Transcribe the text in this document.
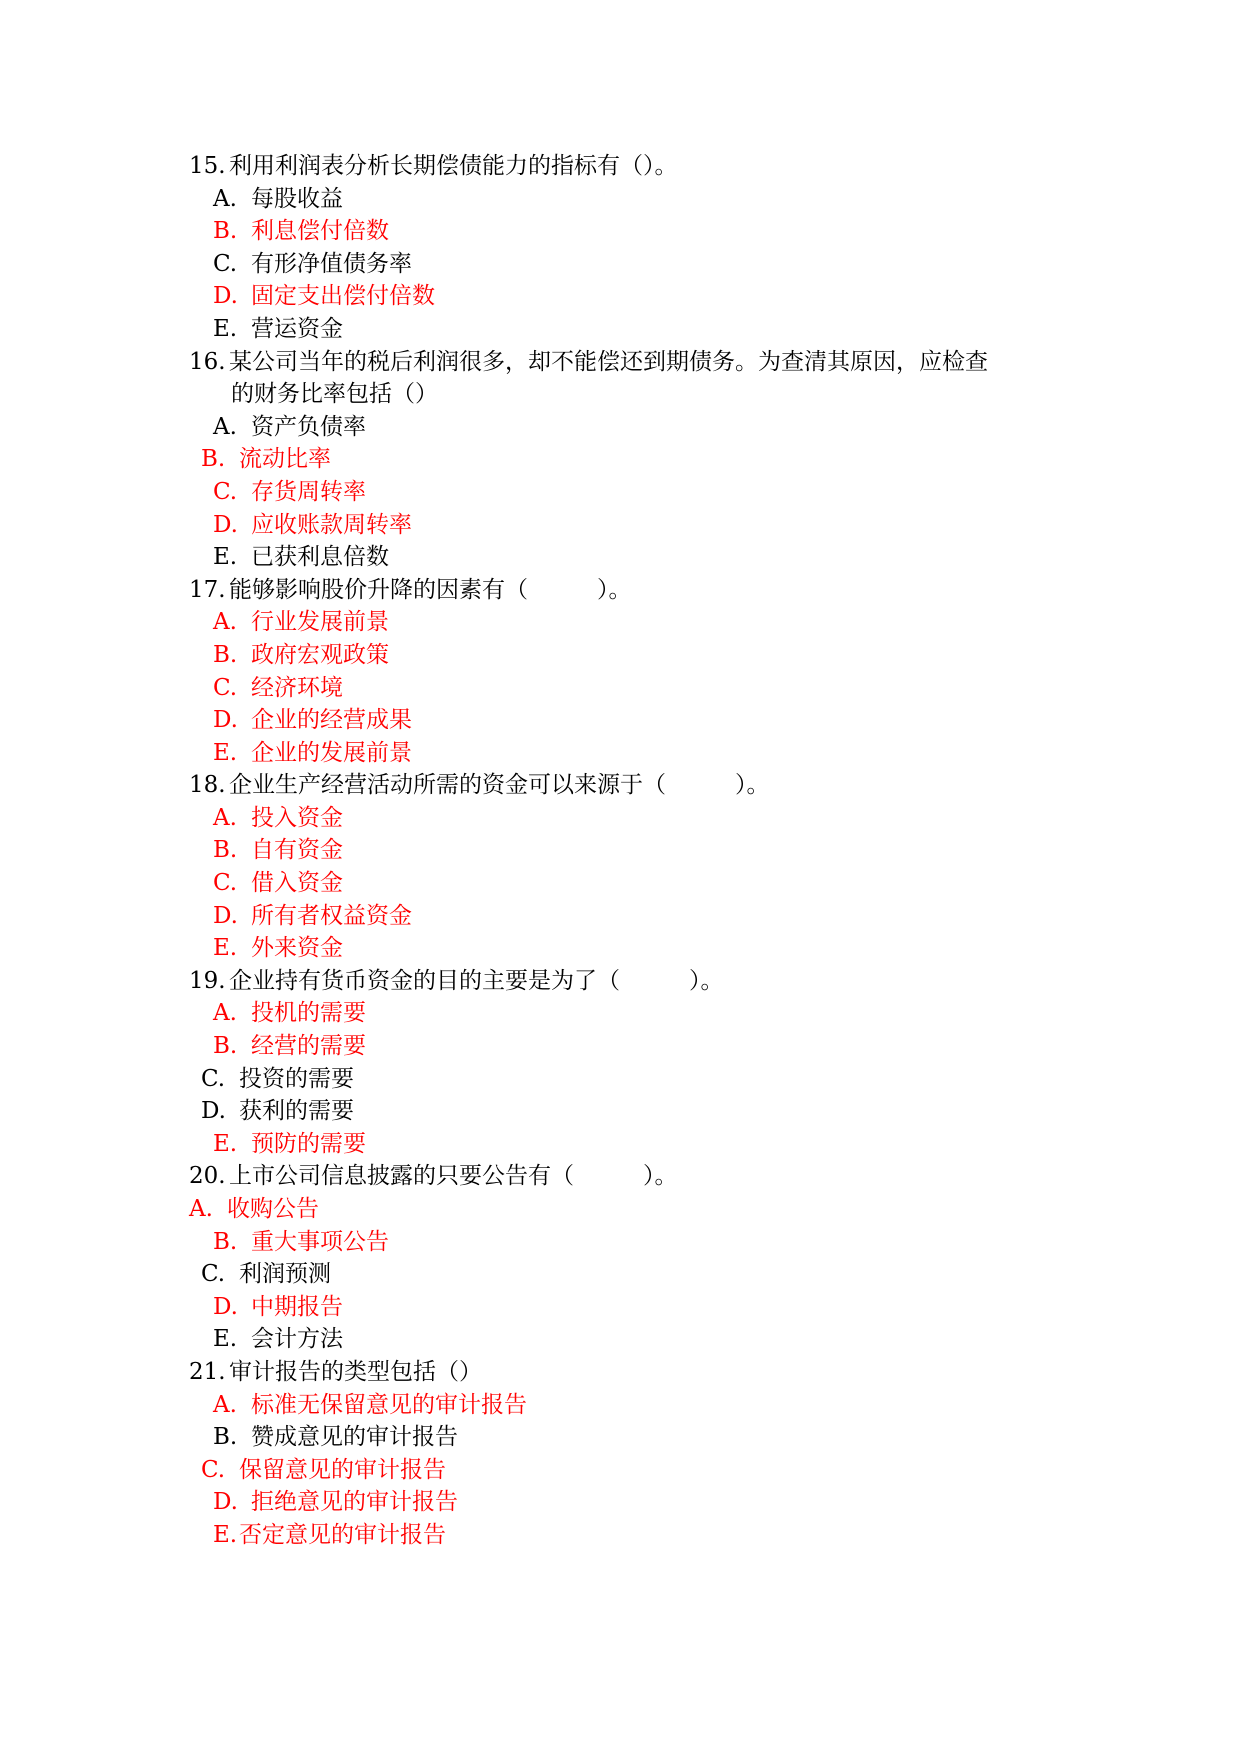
15. 利用利润表分析长期偿债能力的指标有（）。
A. 每股收益
B. 利息偿付倍数
C. 有形净值债务率
D. 固定支出偿付倍数
E. 营运资金
16. 某公司当年的税后利润很多，却不能偿还到期债务。为查清其原因，应检查
的财务比率包括（）
A. 资产负债率
B. 流动比率
C. 存货周转率
D. 应收账款周转率
E. 已获利息倍数
17. 能够影响股价升降的因素有（　　　）。
A. 行业发展前景
B. 政府宏观政策
C. 经济环境
D. 企业的经营成果
E. 企业的发展前景
18. 企业生产经营活动所需的资金可以来源于（　　　）。
A. 投入资金
B. 自有资金
C. 借入资金
D. 所有者权益资金
E. 外来资金
19. 企业持有货币资金的目的主要是为了（　　　）。
A. 投机的需要
B. 经营的需要
C. 投资的需要
D. 获利的需要
E. 预防的需要
20. 上市公司信息披露的只要公告有（　　　）。
A. 收购公告
B. 重大事项公告
C. 利润预测
D. 中期报告
E. 会计方法
21. 审计报告的类型包括（）
A. 标准无保留意见的审计报告
B. 赞成意见的审计报告
C. 保留意见的审计报告
D. 拒绝意见的审计报告
E.否定意见的审计报告
